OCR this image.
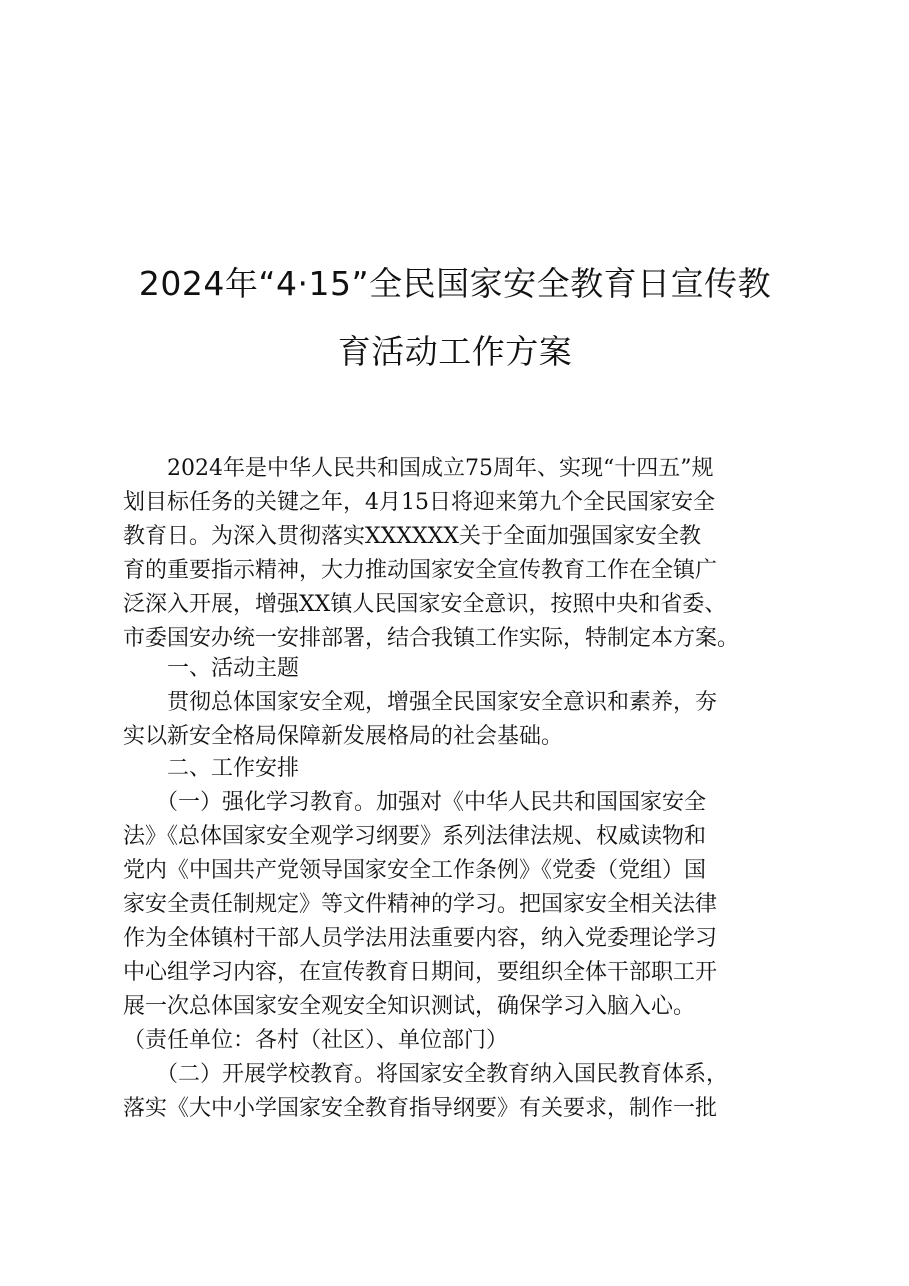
2024年“4·15”全民国家安全教育日宣传教
育活动工作方案
　　2024年是中华人民共和国成立75周年、实现“十四五”规
划目标任务的关键之年，4月15日将迎来第九个全民国家安全
教育日。为深入贯彻落实XXXXXX关于全面加强国家安全教
育的重要指示精神，大力推动国家安全宣传教育工作在全镇广
泛深入开展，增强XX镇人民国家安全意识，按照中央和省委、
市委国安办统一安排部署，结合我镇工作实际，特制定本方案。
　　一、活动主题
　　贯彻总体国家安全观，增强全民国家安全意识和素养，夯
实以新安全格局保障新发展格局的社会基础。
　　二、工作安排
　　（一）强化学习教育。加强对《中华人民共和国国家安全
法》《总体国家安全观学习纲要》系列法律法规、权威读物和
党内《中国共产党领导国家安全工作条例》《党委（党组）国
家安全责任制规定》等文件精神的学习。把国家安全相关法律
作为全体镇村干部人员学法用法重要内容，纳入党委理论学习
中心组学习内容，在宣传教育日期间，要组织全体干部职工开
展一次总体国家安全观安全知识测试，确保学习入脑入心。
（责任单位：各村（社区）、单位部门）
　　（二）开展学校教育。将国家安全教育纳入国民教育体系，
落实《大中小学国家安全教育指导纲要》有关要求，制作一批
